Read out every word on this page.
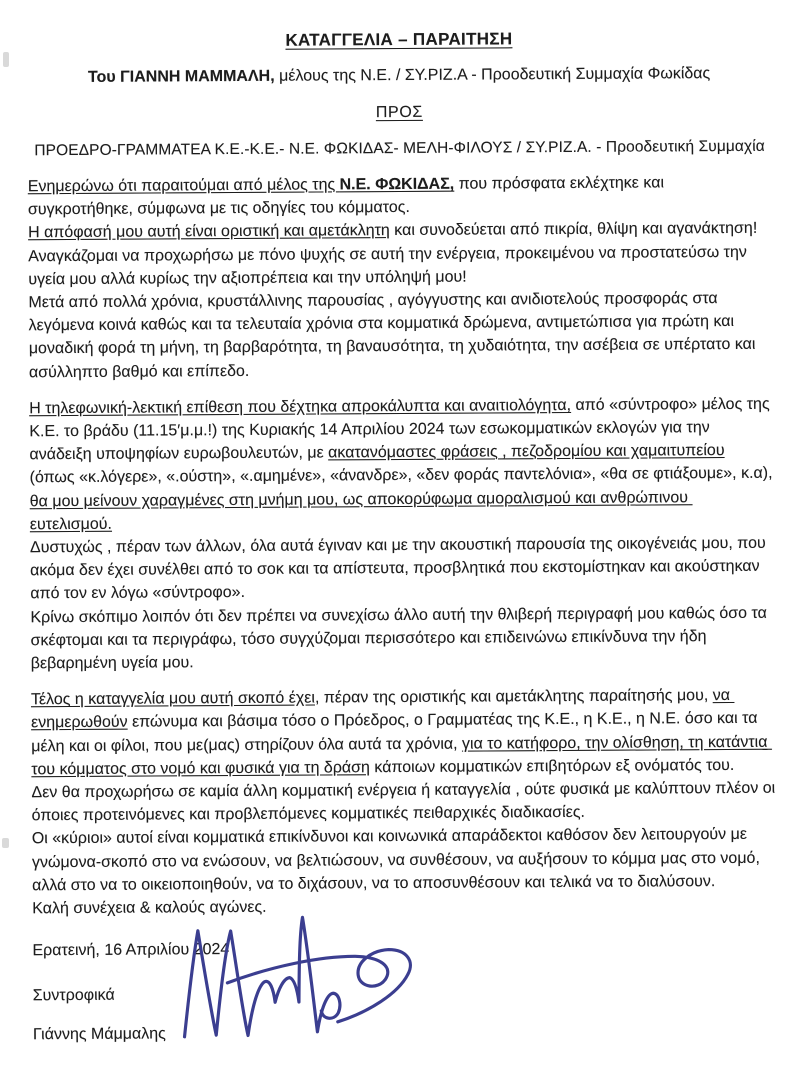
ΚΑΤΑΓΓΕΛΙΑ – ΠΑΡΑΙΤΗΣΗ
Του ΓΙΑΝΝΗ ΜΑΜΜΑΛΗ, μέλους της Ν.Ε. / ΣΥ.ΡΙΖ.Α - Προοδευτική Συμμαχία Φωκίδας
ΠΡΟΣ
ΠΡΟΕΔΡΟ-ΓΡΑΜΜΑΤΕΑ Κ.Ε.-Κ.Ε.- Ν.Ε. ΦΩΚΙΔΑΣ- ΜΕΛΗ-ΦΙΛΟΥΣ / ΣΥ.ΡΙΖ.Α. - Προοδευτική Συμμαχία

Ενημερώνω ότι παραιτούμαι από μέλος της Ν.Ε. ΦΩΚΙΔΑΣ, που πρόσφατα εκλέχτηκε και συγκροτήθηκε, σύμφωνα με τις οδηγίες του κόμματος.

Η απόφασή μου αυτή είναι οριστική και αμετάκλητη και συνοδεύεται από πικρία, θλίψη και αγανάκτηση!

Αναγκάζομαι να προχωρήσω με πόνο ψυχής σε αυτή την ενέργεια, προκειμένου να προστατεύσω την υγεία μου αλλά κυρίως την αξιοπρέπεια και την υπόληψή μου!

Μετά από πολλά χρόνια, κρυστάλλινης παρουσίας , αγόγγυστης και ανιδιοτελούς προσφοράς στα λεγόμενα κοινά καθώς και τα τελευταία χρόνια στα κομματικά δρώμενα, αντιμετώπισα για πρώτη και μοναδική φορά τη μήνη, τη βαρβαρότητα, τη βαναυσότητα, τη χυδαιότητα, την ασέβεια σε υπέρτατο και ασύλληπτο βαθμό και επίπεδο.

Η τηλεφωνική-λεκτική επίθεση που δέχτηκα απροκάλυπτα και αναιτιολόγητα, από «σύντροφο» μέλος της Κ.Ε. το βράδυ (11.15′μ.μ.!) της Κυριακής 14 Απριλίου 2024 των εσωκομματικών εκλογών για την ανάδειξη υποψηφίων ευρωβουλευτών, με ακατανόμαστες φράσεις , πεζοδρομίου και χαμαιτυπείου (όπως «κ.λόγερε», «.ούστη», «.αμημένε», «άνανδρε», «δεν φοράς παντελόνια», «θα σε φτιάξουμε», κ.α), θα μου μείνουν χαραγμένες στη μνήμη μου, ως αποκορύφωμα αμοραλισμού και ανθρώπινου ευτελισμού.

Δυστυχώς , πέραν των άλλων, όλα αυτά έγιναν και με την ακουστική παρουσία της οικογένειάς μου, που ακόμα δεν έχει συνέλθει από το σοκ και τα απίστευτα, προσβλητικά που εκστομίστηκαν και ακούστηκαν από τον εν λόγω «σύντροφο».

Κρίνω σκόπιμο λοιπόν ότι δεν πρέπει να συνεχίσω άλλο αυτή την θλιβερή περιγραφή μου καθώς όσο τα σκέφτομαι και τα περιγράφω, τόσο συγχύζομαι περισσότερο και επιδεινώνω επικίνδυνα την ήδη βεβαρημένη υγεία μου.

Τέλος η καταγγελία μου αυτή σκοπό έχει, πέραν της οριστικής και αμετάκλητης παραίτησής μου, να ενημερωθούν επώνυμα και βάσιμα τόσο ο Πρόεδρος, ο Γραμματέας της Κ.Ε., η Κ.Ε., η Ν.Ε. όσο και τα μέλη και οι φίλοι, που με(μας) στηρίζουν όλα αυτά τα χρόνια, για το κατήφορο, την ολίσθηση, τη κατάντια του κόμματος στο νομό και φυσικά για τη δράση κάποιων κομματικών επιβητόρων εξ ονόματός του.

Δεν θα προχωρήσω σε καμία άλλη κομματική ενέργεια ή καταγγελία , ούτε φυσικά με καλύπτουν πλέον οι όποιες προτεινόμενες και προβλεπόμενες κομματικές πειθαρχικές διαδικασίες.

Οι «κύριοι» αυτοί είναι κομματικά επικίνδυνοι και κοινωνικά απαράδεκτοι καθόσον δεν λειτουργούν με γνώμονα-σκοπό στο να ενώσουν, να βελτιώσουν, να συνθέσουν, να αυξήσουν το κόμμα μας στο νομό, αλλά στο να το οικειοποιηθούν, να το διχάσουν, να το αποσυνθέσουν και τελικά να το διαλύσουν.

Καλή συνέχεια & καλούς αγώνες.

Ερατεινή, 16 Απριλίου 2024
Συντροφικά
Γιάννης Μάμμαλης
